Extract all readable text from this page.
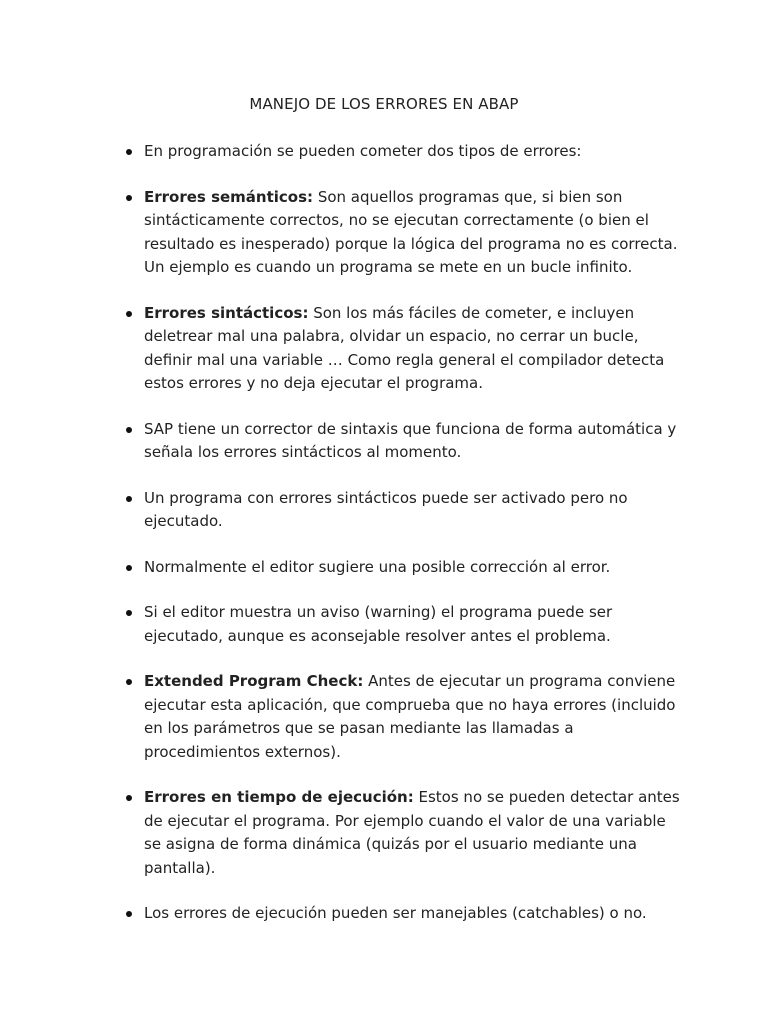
MANEJO DE LOS ERRORES EN ABAP
En programación se pueden cometer dos tipos de errores:
Errores semánticos: Son aquellos programas que, si bien son sintácticamente correctos, no se ejecutan correctamente (o bien el resultado es inesperado) porque la lógica del programa no es correcta. Un ejemplo es cuando un programa se mete en un bucle infinito.
Errores sintácticos: Son los más fáciles de cometer, e incluyen deletrear mal una palabra, olvidar un espacio, no cerrar un bucle, definir mal una variable … Como regla general el compilador detecta estos errores y no deja ejecutar el programa.
SAP tiene un corrector de sintaxis que funciona de forma automática y señala los errores sintácticos al momento.
Un programa con errores sintácticos puede ser activado pero no ejecutado.
Normalmente el editor sugiere una posible corrección al error.
Si el editor muestra un aviso (warning) el programa puede ser ejecutado, aunque es aconsejable resolver antes el problema.
Extended Program Check: Antes de ejecutar un programa conviene ejecutar esta aplicación, que comprueba que no haya errores (incluido en los parámetros que se pasan mediante las llamadas a procedimientos externos).
Errores en tiempo de ejecución: Estos no se pueden detectar antes de ejecutar el programa. Por ejemplo cuando el valor de una variable se asigna de forma dinámica (quizás por el usuario mediante una pantalla).
Los errores de ejecución pueden ser manejables (catchables) o no.
